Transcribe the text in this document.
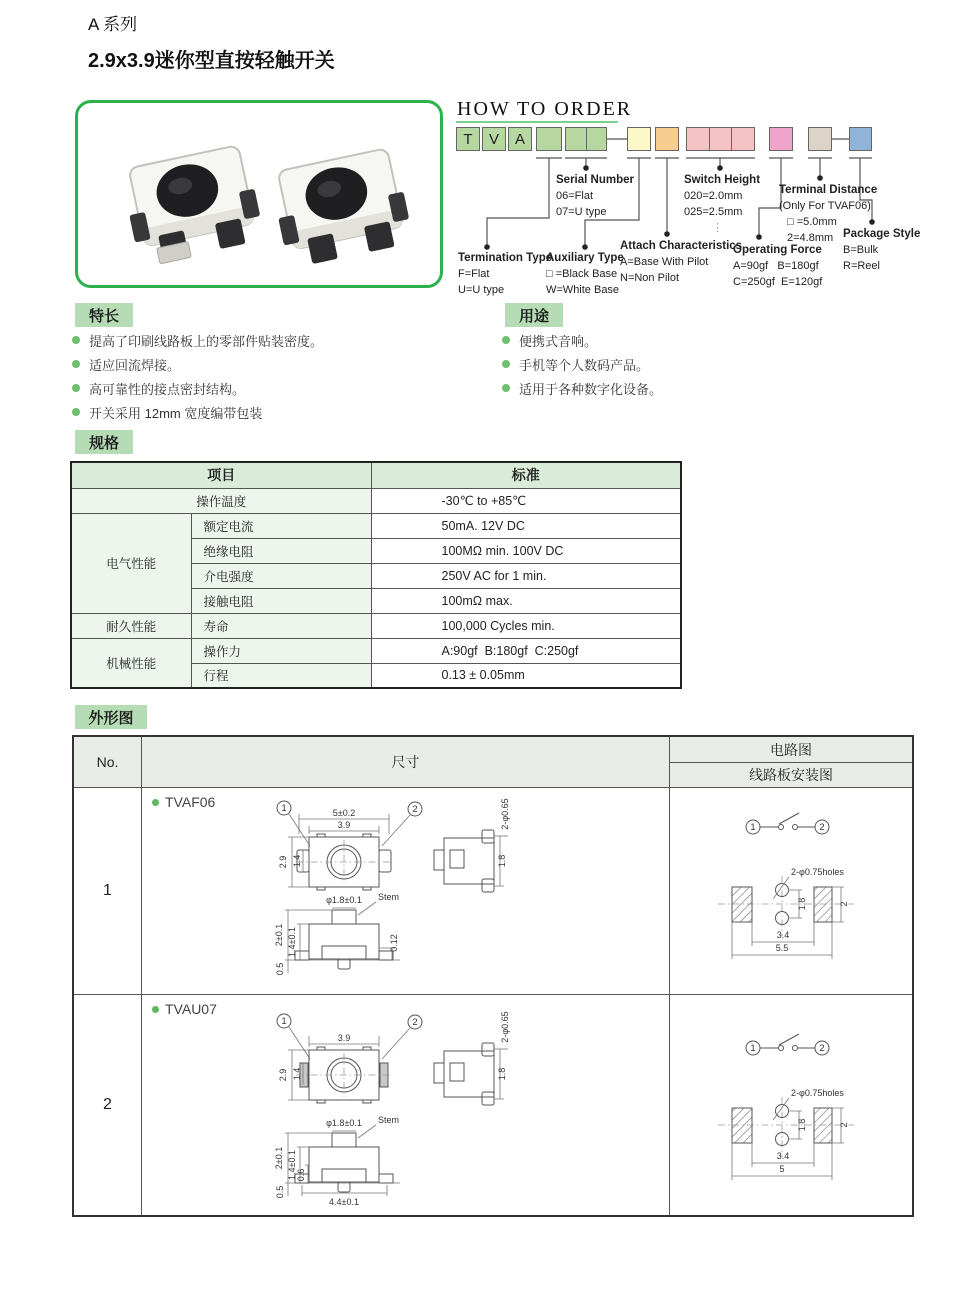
A 系列
2.9x3.9迷你型直按轻触开关
HOW TO ORDER
T	V	A
Serial Number
06=Flat
07=U type
Switch Height
020=2.0mm
025=2.5mm
⋮
Terminal Distance
(Only For TVAF06)
□ =5.0mm
2=4.8mm Package Style
B=Bulk
R=Reel
Termination Type
F=Flat
U=U type
Auxiliary Type
□ =Black Base
W=White Base
Attach Characteristics
A=Base With Pilot
N=Non Pilot
Operating Force
A=90gf   B=180gf
C=250gf  E=120gf
特长
提高了印刷线路板上的零部件贴装密度。
适应回流焊接。
高可靠性的接点密封结构。
开关采用 12mm 宽度编带包装
用途
便携式音响。
手机等个人数码产品。
适用于各种数字化设备。
规格
项目		标准
操作温度		-30℃ to +85℃
电气性能	额定电流	50mA. 12V DC
	绝缘电阻	100MΩ min. 100V DC
	介电强度	250V AC for 1 min.
	接触电阻	100mΩ max.
耐久性能	寿命	100,000 Cycles min.
机械性能	操作力	A:90gf  B:180gf  C:250gf
	行程	0.13 ± 0.05mm
外形图
No.	尺寸
电路图
线路板安装图
1
TVAF06	1	2
5±0.2
3.9
2.9 1.4
2-φ0.65
1.8
φ1.8±0.1 Stem
2±0.1 1.4±0.1
0.5
0.12
1	2
2-φ0.75holes
1.8	2
3.4
5.5
2
TVAU07
1	2
3.9
2.9 1.4
2-φ0.65
1.8
φ1.8±0.1 Stem
2±0.1 1.4±0.1 0.6
0.5
4.4±0.1
1	2
2-φ0.75holes
1.8	2
3.4
5
